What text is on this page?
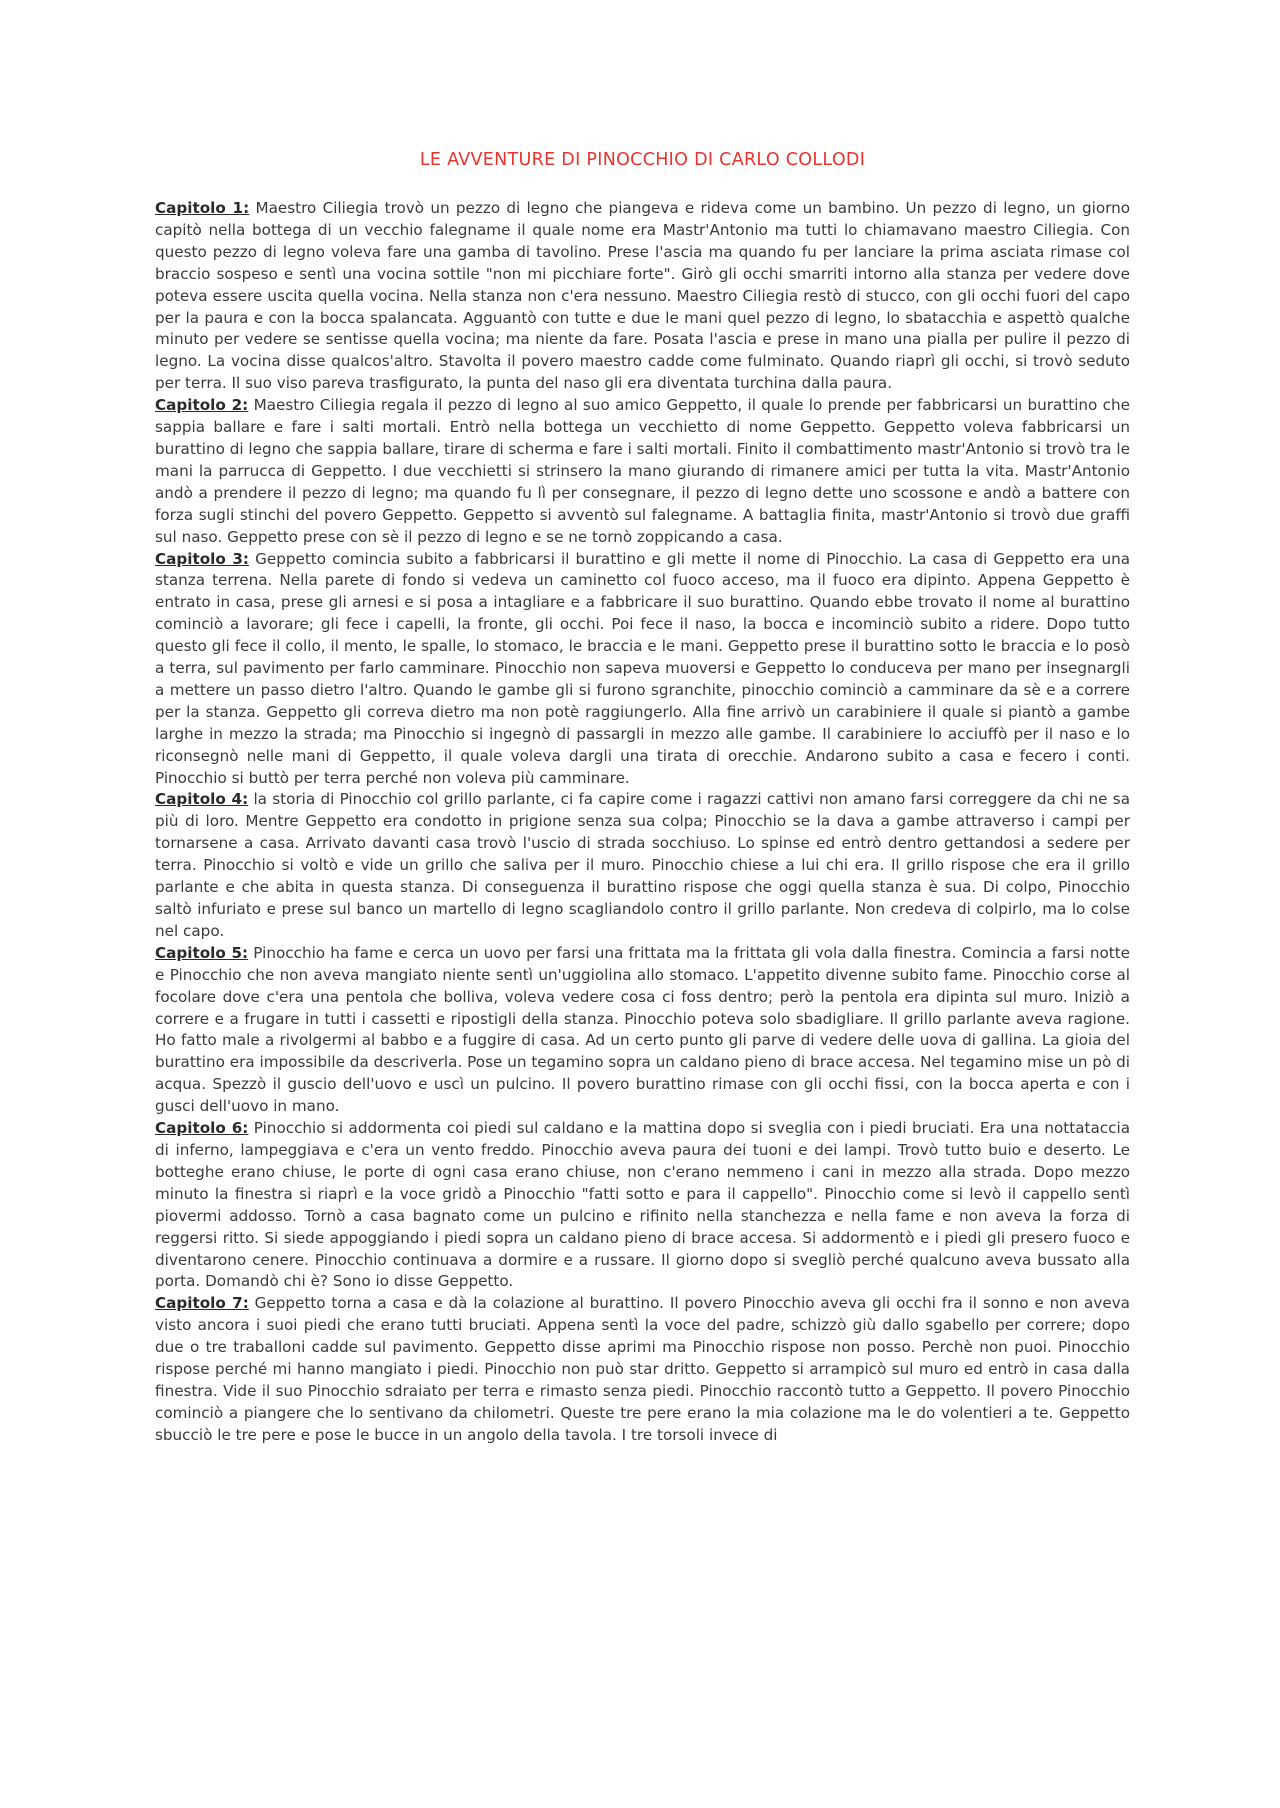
LE AVVENTURE DI PINOCCHIO DI CARLO COLLODI

Capitolo 1: Maestro Ciliegia trovò un pezzo di legno che piangeva e rideva come un bambino. Un pezzo di legno, un giorno capitò nella bottega di un vecchio falegname il quale nome era Mastr'Antonio ma tutti lo chiamavano maestro Ciliegia. Con questo pezzo di legno voleva fare una gamba di tavolino. Prese l'ascia ma quando fu per lanciare la prima asciata rimase col braccio sospeso e sentì una vocina sottile "non mi picchiare forte". Girò gli occhi smarriti intorno alla stanza per vedere dove poteva essere uscita quella vocina. Nella stanza non c'era nessuno. Maestro Ciliegia restò di stucco, con gli occhi fuori del capo per la paura e con la bocca spalancata. Agguantò con tutte e due le mani quel pezzo di legno, lo sbatacchia e aspettò qualche minuto per vedere se sentisse quella vocina; ma niente da fare. Posata l'ascia e prese in mano una pialla per pulire il pezzo di legno. La vocina disse qualcos'altro. Stavolta il povero maestro cadde come fulminato. Quando riaprì gli occhi, si trovò seduto per terra. Il suo viso pareva trasfigurato, la punta del naso gli era diventata turchina dalla paura.

Capitolo 2: Maestro Ciliegia regala il pezzo di legno al suo amico Geppetto, il quale lo prende per fabbricarsi un burattino che sappia ballare e fare i salti mortali. Entrò nella bottega un vecchietto di nome Geppetto. Geppetto voleva fabbricarsi un burattino di legno che sappia ballare, tirare di scherma e fare i salti mortali. Finito il combattimento mastr'Antonio si trovò tra le mani la parrucca di Geppetto. I due vecchietti si strinsero la mano giurando di rimanere amici per tutta la vita. Mastr'Antonio andò a prendere il pezzo di legno; ma quando fu lì per consegnare, il pezzo di legno dette uno scossone e andò a battere con forza sugli stinchi del povero Geppetto. Geppetto si avventò sul falegname. A battaglia finita, mastr'Antonio si trovò due graffi sul naso. Geppetto prese con sè il pezzo di legno e se ne tornò zoppicando a casa.

Capitolo 3: Geppetto comincia subito a fabbricarsi il burattino e gli mette il nome di Pinocchio. La casa di Geppetto era una stanza terrena. Nella parete di fondo si vedeva un caminetto col fuoco acceso, ma il fuoco era dipinto. Appena Geppetto è entrato in casa, prese gli arnesi e si posa a intagliare e a fabbricare il suo burattino. Quando ebbe trovato il nome al burattino cominciò a lavorare; gli fece i capelli, la fronte, gli occhi. Poi fece il naso, la bocca e incominciò subito a ridere. Dopo tutto questo gli fece il collo, il mento, le spalle, lo stomaco, le braccia e le mani. Geppetto prese il burattino sotto le braccia e lo posò a terra, sul pavimento per farlo camminare. Pinocchio non sapeva muoversi e Geppetto lo conduceva per mano per insegnargli a mettere un passo dietro l'altro. Quando le gambe gli si furono sgranchite, pinocchio cominciò a camminare da sè e a correre per la stanza. Geppetto gli correva dietro ma non potè raggiungerlo. Alla fine arrivò un carabiniere il quale si piantò a gambe larghe in mezzo la strada; ma Pinocchio si ingegnò di passargli in mezzo alle gambe. Il carabiniere lo acciuffò per il naso e lo riconsegnò nelle mani di Geppetto, il quale voleva dargli una tirata di orecchie. Andarono subito a casa e fecero i conti. Pinocchio si buttò per terra perché non voleva più camminare.

Capitolo 4: la storia di Pinocchio col grillo parlante, ci fa capire come i ragazzi cattivi non amano farsi correggere da chi ne sa più di loro. Mentre Geppetto era condotto in prigione senza sua colpa; Pinocchio se la dava a gambe attraverso i campi per tornarsene a casa. Arrivato davanti casa trovò l'uscio di strada socchiuso. Lo spinse ed entrò dentro gettandosi a sedere per terra. Pinocchio si voltò e vide un grillo che saliva per il muro. Pinocchio chiese a lui chi era. Il grillo rispose che era il grillo parlante e che abita in questa stanza. Di conseguenza il burattino rispose che oggi quella stanza è sua. Di colpo, Pinocchio saltò infuriato e prese sul banco un martello di legno scagliandolo contro il grillo parlante. Non credeva di colpirlo, ma lo colse nel capo.

Capitolo 5: Pinocchio ha fame e cerca un uovo per farsi una frittata ma la frittata gli vola dalla finestra. Comincia a farsi notte e Pinocchio che non aveva mangiato niente sentì un'uggiolina allo stomaco. L'appetito divenne subito fame. Pinocchio corse al focolare dove c'era una pentola che bolliva, voleva vedere cosa ci foss dentro; però la pentola era dipinta sul muro. Iniziò a correre e a frugare in tutti i cassetti e ripostigli della stanza. Pinocchio poteva solo sbadigliare. Il grillo parlante aveva ragione. Ho fatto male a rivolgermi al babbo e a fuggire di casa. Ad un certo punto gli parve di vedere delle uova di gallina. La gioia del burattino era impossibile da descriverla. Pose un tegamino sopra un caldano pieno di brace accesa. Nel tegamino mise un pò di acqua. Spezzò il guscio dell'uovo e uscì un pulcino. Il povero burattino rimase con gli occhi fissi, con la bocca aperta e con i gusci dell'uovo in mano.

Capitolo 6: Pinocchio si addormenta coi piedi sul caldano e la mattina dopo si sveglia con i piedi bruciati. Era una nottataccia di inferno, lampeggiava e c'era un vento freddo. Pinocchio aveva paura dei tuoni e dei lampi. Trovò tutto buio e deserto. Le botteghe erano chiuse, le porte di ogni casa erano chiuse, non c'erano nemmeno i cani in mezzo alla strada. Dopo mezzo minuto la finestra si riaprì e la voce gridò a Pinocchio "fatti sotto e para il cappello". Pinocchio come si levò il cappello sentì piovermi addosso. Tornò a casa bagnato come un pulcino e rifinito nella stanchezza e nella fame e non aveva la forza di reggersi ritto. Si siede appoggiando i piedi sopra un caldano pieno di brace accesa. Si addormentò e i piedi gli presero fuoco e diventarono cenere. Pinocchio continuava a dormire e a russare. Il giorno dopo si svegliò perché qualcuno aveva bussato alla porta. Domandò chi è? Sono io disse Geppetto.

Capitolo 7: Geppetto torna a casa e dà la colazione al burattino. Il povero Pinocchio aveva gli occhi fra il sonno e non aveva visto ancora i suoi piedi che erano tutti bruciati. Appena sentì la voce del padre, schizzò giù dallo sgabello per correre; dopo due o tre traballoni cadde sul pavimento. Geppetto disse aprimi ma Pinocchio rispose non posso. Perchè non puoi. Pinocchio rispose perché mi hanno mangiato i piedi. Pinocchio non può star dritto. Geppetto si arrampicò sul muro ed entrò in casa dalla finestra. Vide il suo Pinocchio sdraiato per terra e rimasto senza piedi. Pinocchio raccontò tutto a Geppetto. Il povero Pinocchio cominciò a piangere che lo sentivano da chilometri. Queste tre pere erano la mia colazione ma le do volentieri a te. Geppetto sbucciò le tre pere e pose le bucce in un angolo della tavola. I tre torsoli invece di
